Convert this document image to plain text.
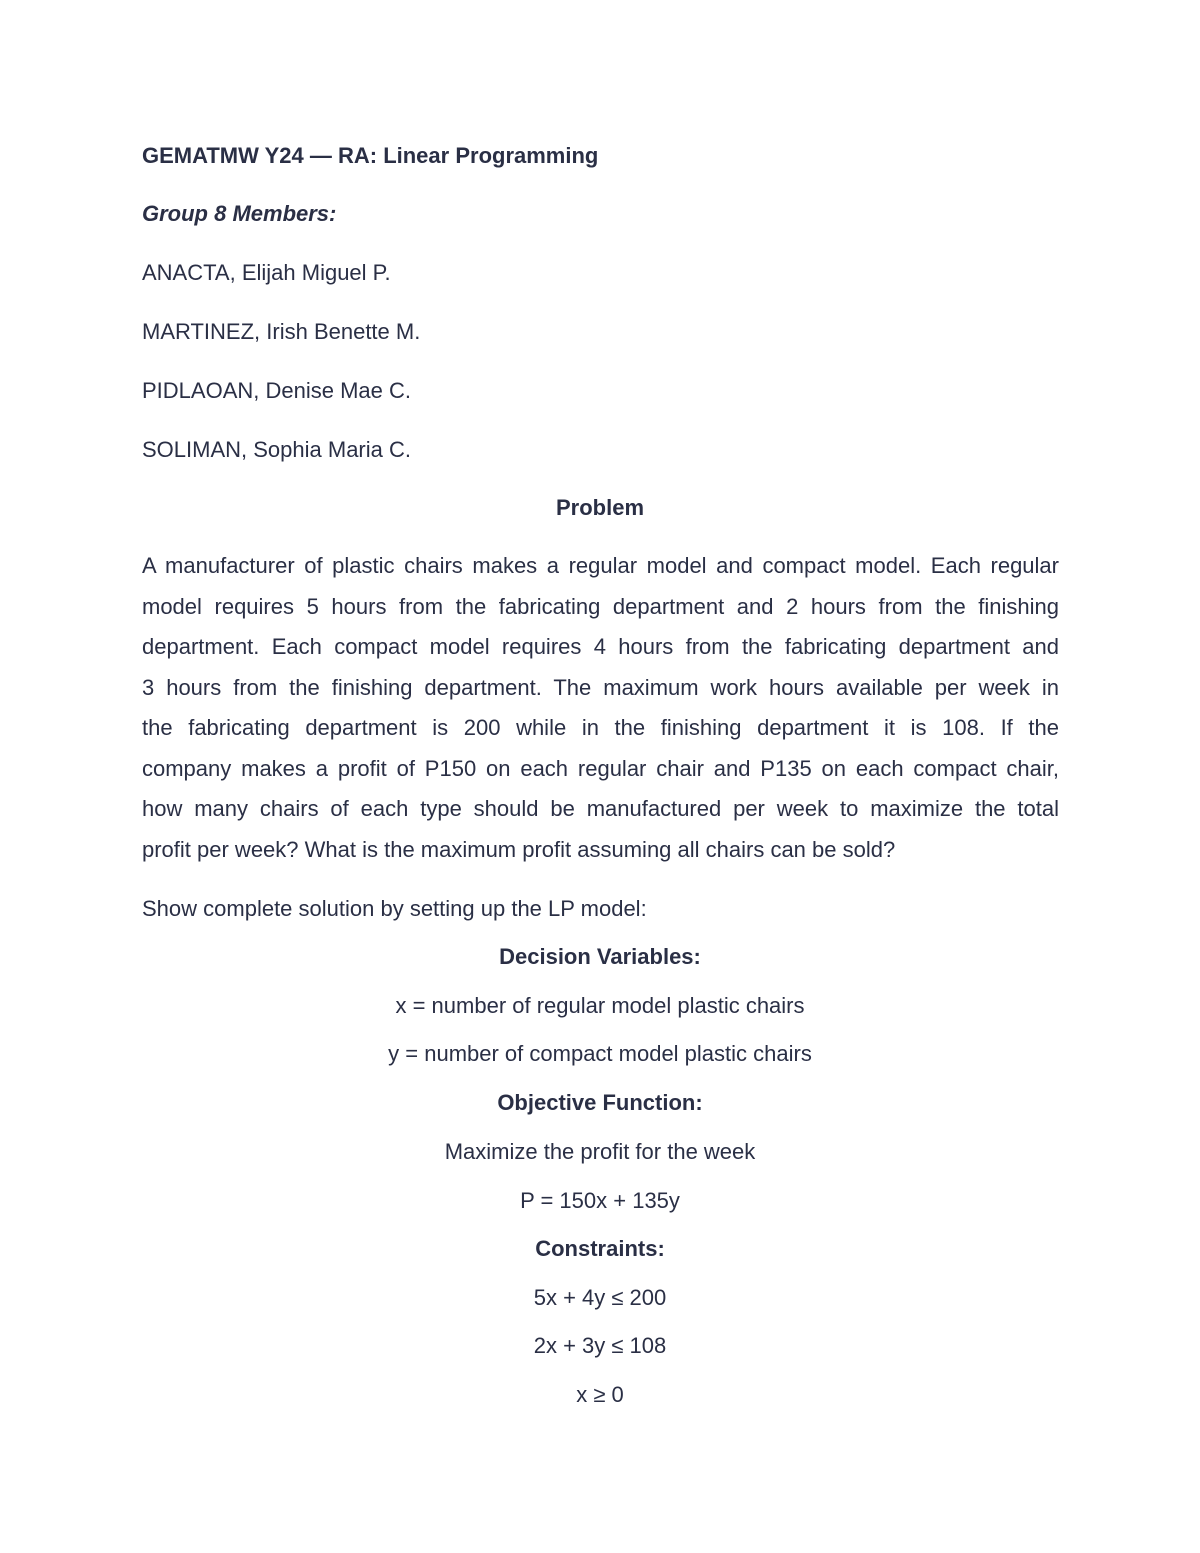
GEMATMW Y24 — RA: Linear Programming
Group 8 Members:
ANACTA, Elijah Miguel P.
MARTINEZ, Irish Benette M.
PIDLAOAN, Denise Mae C.
SOLIMAN, Sophia Maria C.
Problem
A manufacturer of plastic chairs makes a regular model and compact model. Each regular
model requires 5 hours from the fabricating department and 2 hours from the finishing
department. Each compact model requires 4 hours from the fabricating department and
3 hours from the finishing department. The maximum work hours available per week in
the fabricating department is 200 while in the finishing department it is 108. If the
company makes a profit of P150 on each regular chair and P135 on each compact chair,
how many chairs of each type should be manufactured per week to maximize the total
profit per week? What is the maximum profit assuming all chairs can be sold?
Show complete solution by setting up the LP model:
Decision Variables:
x = number of regular model plastic chairs
y = number of compact model plastic chairs
Objective Function:
Maximize the profit for the week
P = 150x + 135y
Constraints:
5x + 4y ≤ 200
2x + 3y ≤ 108
x ≥ 0
